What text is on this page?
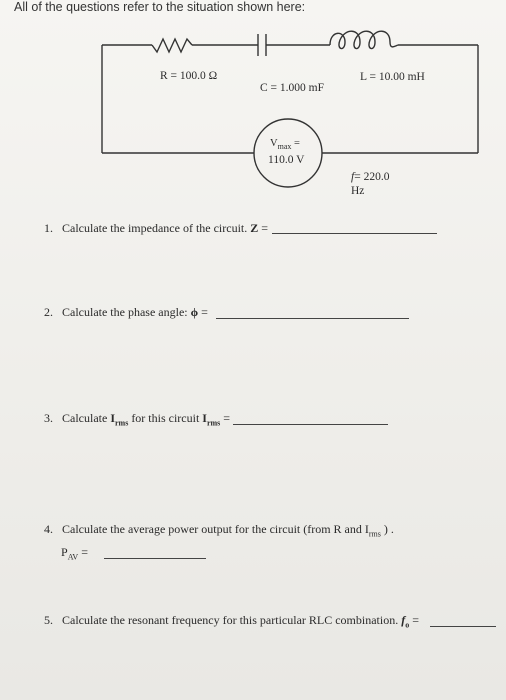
All of the questions refer to the situation shown here:
R = 100.0 Ω
C = 1.000 mF
L = 10.00 mH
$V_{max}$ =
110.0 V
f= 220.0
Hz
1. Calculate the impedance of the circuit. Z =
2. Calculate the phase angle: ϕ =
3. Calculate $I_{rms}$ for this circuit $I_{rms}$ =
4. Calculate the average power output for the circuit (from R and $I_{rms}$ ) .
$P_{AV}$ =
5. Calculate the resonant frequency for this particular RLC combination. $f_o$ =
